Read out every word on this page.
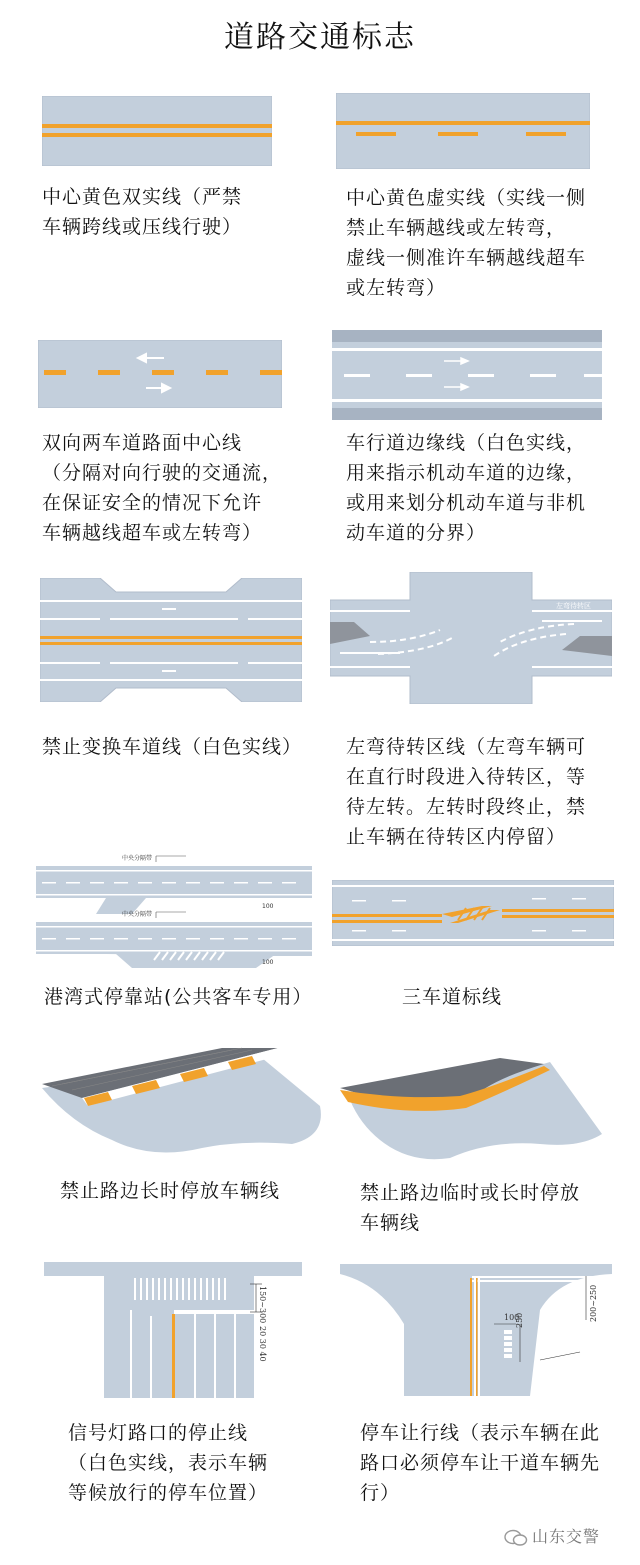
道路交通标志
中心黄色双实线（严禁
车辆跨线或压线行驶）
中心黄色虚实线（实线一侧
禁止车辆越线或左转弯，
虚线一侧准许车辆越线超车
或左转弯）
双向两车道路面中心线
（分隔对向行驶的交通流，
在保证安全的情况下允许
车辆越线超车或左转弯）
车行道边缘线（白色实线，
用来指示机动车道的边缘，
或用来划分机动车道与非机
动车道的分界）
禁止变换车道线（白色实线）
左弯待转区
左弯待转区
左弯待转区线（左弯车辆可
在直行时段进入待转区，等
待左转。左转时段终止，禁
止车辆在待转区内停留）
中央分隔带
中央分隔带
100
100
港湾式停靠站(公共客车专用）	三车道标线
禁止路边长时停放车辆线	禁止路边临时或长时停放
车辆线
150~300
20 30 40
信号灯路口的停止线
（白色实线，表示车辆
等候放行的停车位置）
100
250	200~250
停车让行线（表示车辆在此
路口必须停车让干道车辆先
行）
山东交警
